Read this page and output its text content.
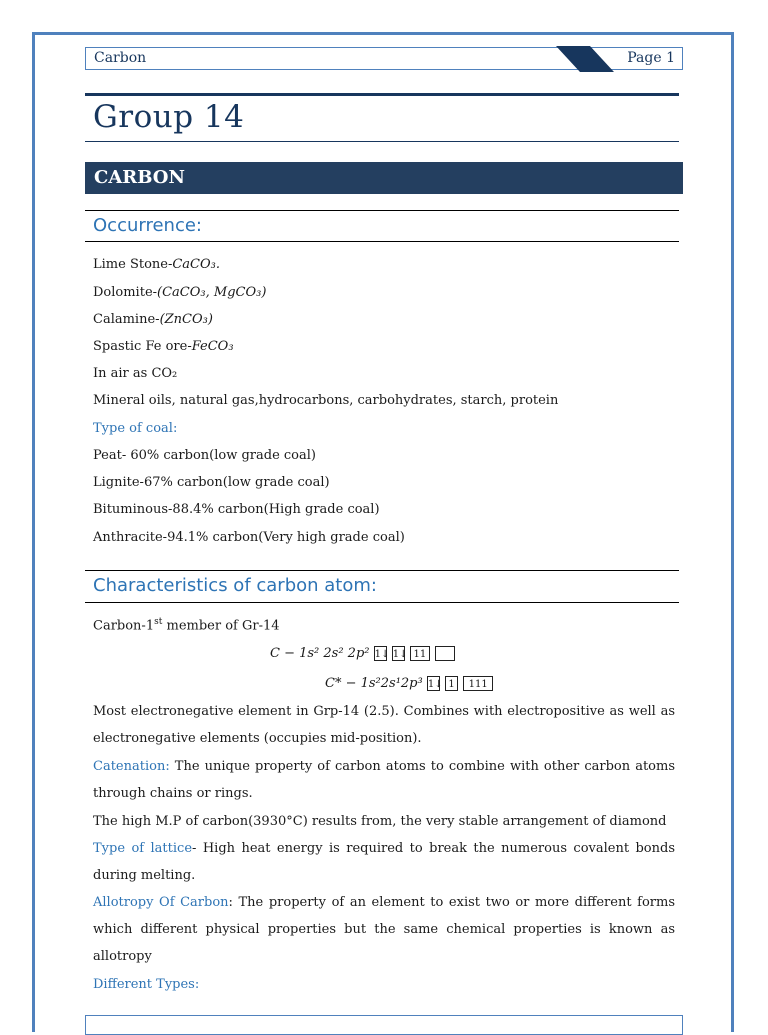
Carbon	Page 1
Group 14
CARBON
Occurrence:
Lime Stone-CaCO₃.
Dolomite-(CaCO₃, MgCO₃)
Calamine-(ZnCO₃)
Spastic Fe ore-FeCO₃
In air as CO₂
Mineral oils, natural gas,hydrocarbons, carbohydrates, starch, protein
Type of coal:
Peat- 60% carbon(low grade coal)
Lignite-67% carbon(low grade coal)
Bituminous-88.4% carbon(High grade coal)
Anthracite-94.1% carbon(Very high grade coal)
Characteristics of carbon atom:
Carbon-1st member of Gr-14
C − 1s² 2s² 2p² 1↓ 1↓ 11
C* − 1s²2s¹2p³ 1↓ 1 111
Most electronegative element in Grp-14 (2.5). Combines with electropositive as well as electronegative elements (occupies mid-position).
Catenation: The unique property of carbon atoms to combine with other carbon atoms through chains or rings.
The high M.P of carbon(3930°C) results from, the very stable arrangement of diamond
Type of lattice- High heat energy is required to break the numerous covalent bonds during melting.
Allotropy Of Carbon: The property of an element to exist two or more different forms which different physical properties but the same chemical properties is known as allotropy
Different Types:
